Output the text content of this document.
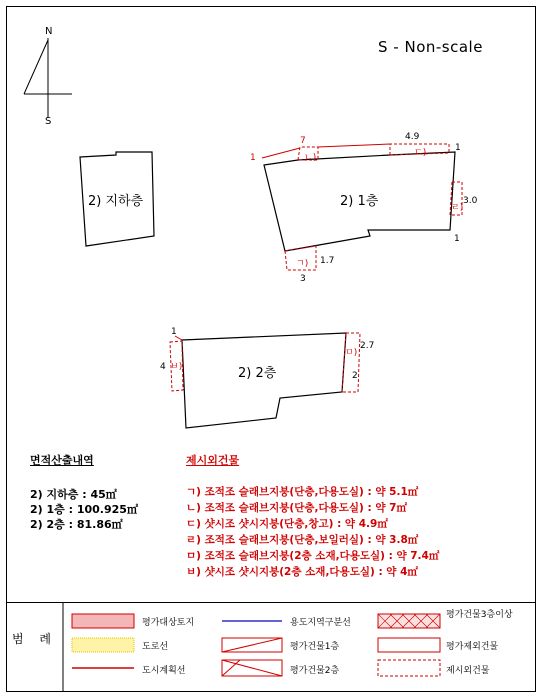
N
S
S - Non-scale
2) 지하층	2) 1층
2) 2층
1
7
ㄴ)
4.9
ㄷ)	1
ㄹ)
3.0
1
ㄱ) 1.7
3
1
4 ㅂ)
ㅁ)
2.7
2
면적산출내역
2) 지하층 : 45㎡
2) 1층 : 100.925㎡
2) 2층 : 81.86㎡
제시외건물
ㄱ) 조적조 슬래브지붕(단층,다용도실) : 약 5.1㎡
ㄴ) 조적조 슬래브지붕(단층,다용도실) : 약 7㎡
ㄷ) 샷시조 샷시지붕(단층,창고) : 약 4.9㎡
ㄹ) 조적조 슬래브지붕(단층,보일러실) : 약 3.8㎡
ㅁ) 조적조 슬래브지붕(2층 소재,다용도실) : 약 7.4㎡
ㅂ) 샷시조 샷시지붕(2층 소재,다용도실) : 약 4㎡
범 례
평가대상토지	용도지역구분선
평가건물3층이상
도로선	평가건물1층	평가제외건물
도시계획선	평가건물2층	제시외건물
